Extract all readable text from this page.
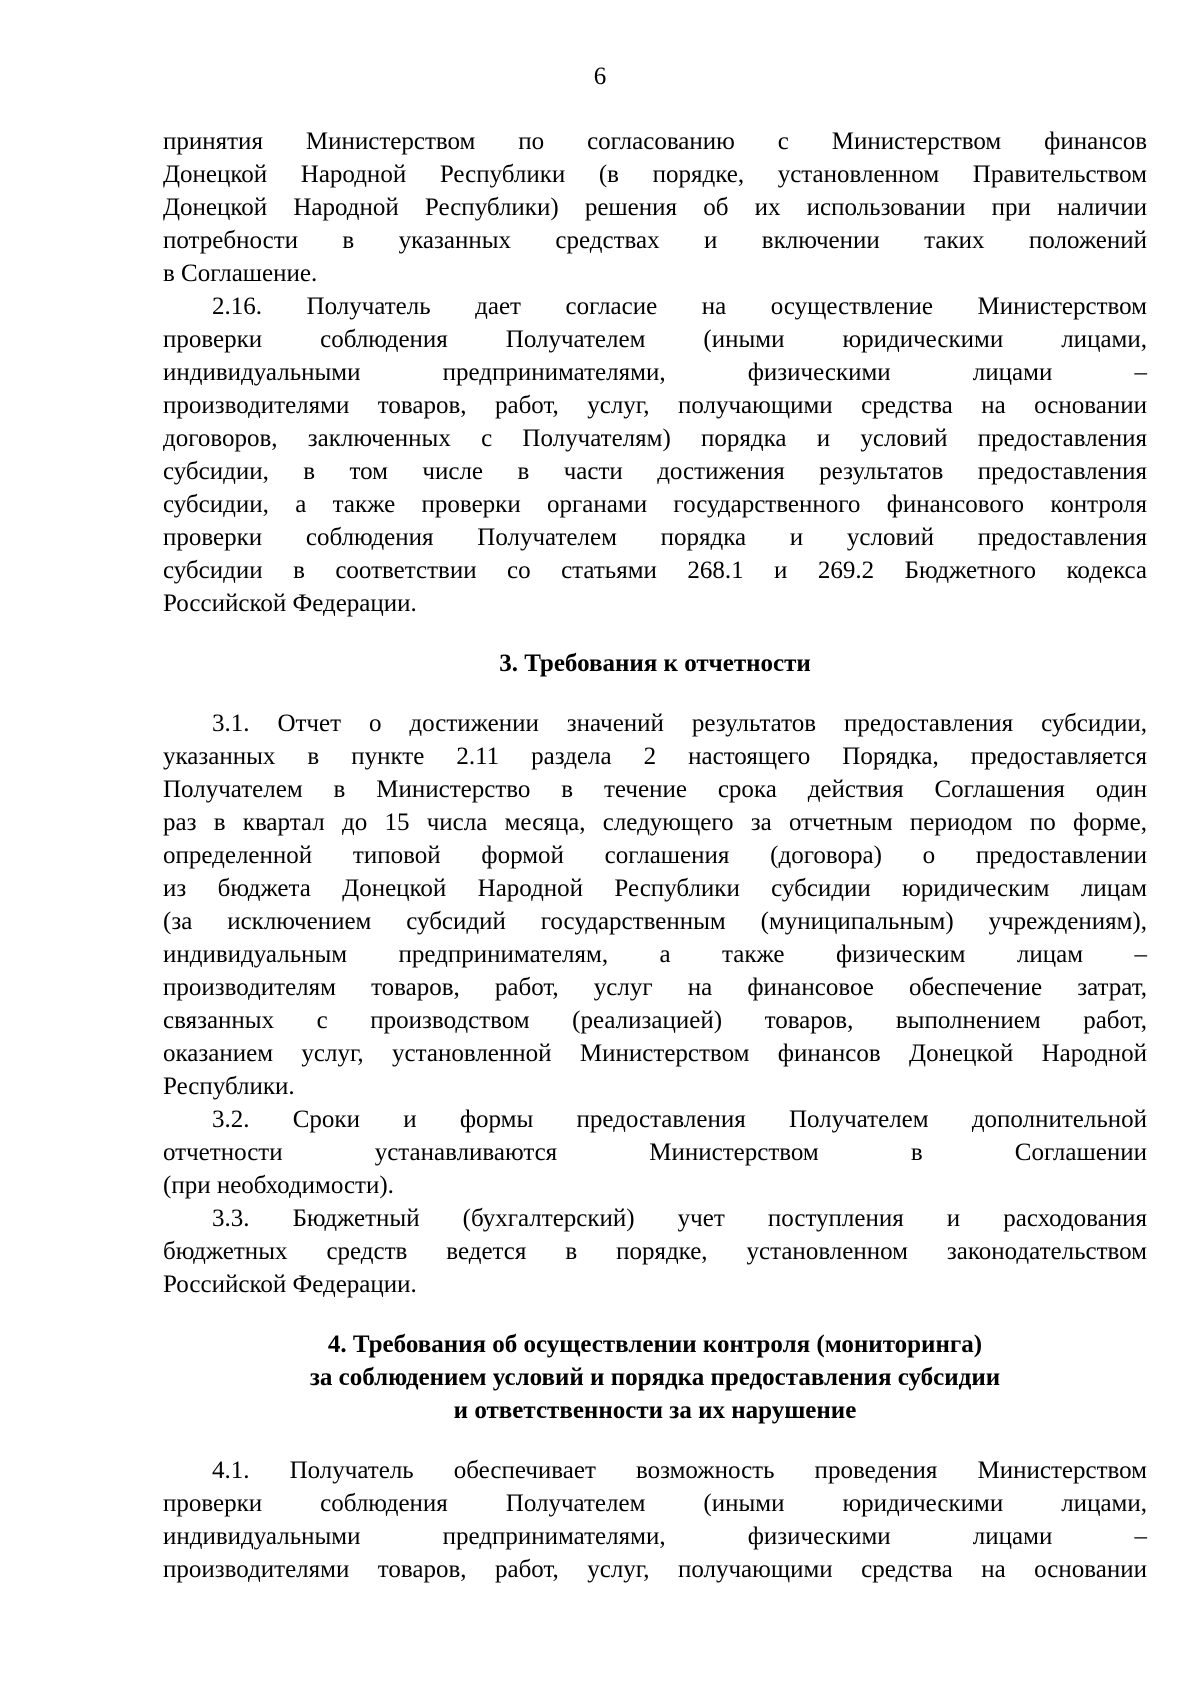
6
принятия Министерством по согласованию с Министерством финансов
Донецкой Народной Республики (в порядке, установленном Правительством
Донецкой Народной Республики) решения об их использовании при наличии
потребности в указанных средствах и включении таких положений
в Соглашение.
2.16. Получатель дает согласие на осуществление Министерством
проверки соблюдения Получателем (иными юридическими лицами,
индивидуальными предпринимателями, физическими лицами –
производителями товаров, работ, услуг, получающими средства на основании
договоров, заключенных с Получателям) порядка и условий предоставления
субсидии, в том числе в части достижения результатов предоставления
субсидии, а также проверки органами государственного финансового контроля
проверки соблюдения Получателем порядка и условий предоставления
субсидии в соответствии со статьями 268.1 и 269.2 Бюджетного кодекса
Российской Федерации.
3. Требования к отчетности
3.1. Отчет о достижении значений результатов предоставления субсидии,
указанных в пункте 2.11 раздела 2 настоящего Порядка, предоставляется
Получателем в Министерство в течение срока действия Соглашения один
раз в квартал до 15 числа месяца, следующего за отчетным периодом по форме,
определенной типовой формой соглашения (договора) о предоставлении
из бюджета Донецкой Народной Республики субсидии юридическим лицам
(за исключением субсидий государственным (муниципальным) учреждениям),
индивидуальным предпринимателям, а также физическим лицам –
производителям товаров, работ, услуг на финансовое обеспечение затрат,
связанных с производством (реализацией) товаров, выполнением работ,
оказанием услуг, установленной Министерством финансов Донецкой Народной
Республики.
3.2. Сроки и формы предоставления Получателем дополнительной
отчетности устанавливаются Министерством в Соглашении
(при необходимости).
3.3. Бюджетный (бухгалтерский) учет поступления и расходования
бюджетных средств ведется в порядке, установленном законодательством
Российской Федерации.
4. Требования об осуществлении контроля (мониторинга)
за соблюдением условий и порядка предоставления субсидии
и ответственности за их нарушение
4.1. Получатель обеспечивает возможность проведения Министерством
проверки соблюдения Получателем (иными юридическими лицами,
индивидуальными предпринимателями, физическими лицами –
производителями товаров, работ, услуг, получающими средства на основании
